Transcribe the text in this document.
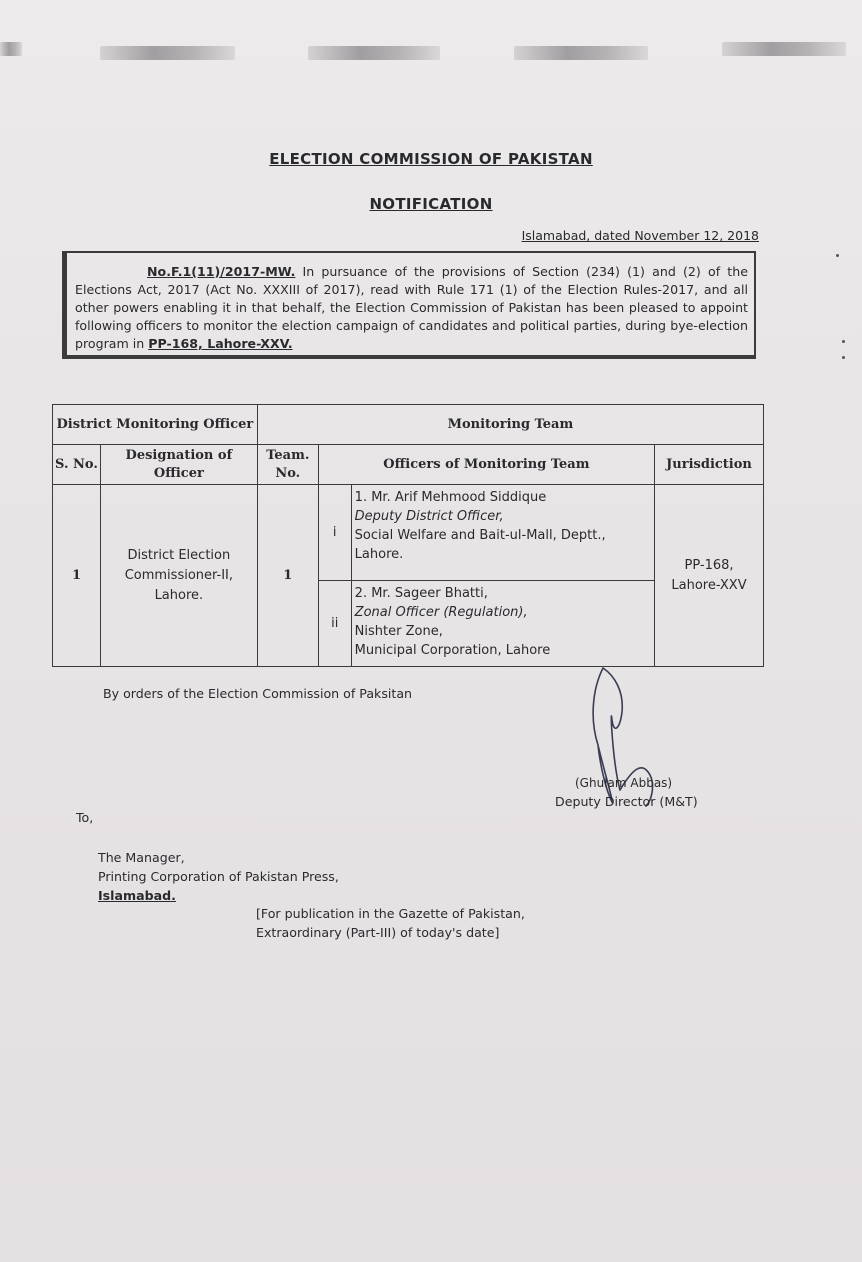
ELECTION COMMISSION OF PAKISTAN
NOTIFICATION
Islamabad, dated November 12, 2018
No.F.1(11)/2017-MW. In pursuance of the provisions of Section (234) (1) and (2) of the Elections Act, 2017 (Act No. XXXIII of 2017), read with Rule 171 (1) of the Election Rules-2017, and all other powers enabling it in that behalf, the Election Commission of Pakistan has been pleased to appoint following officers to monitor the election campaign of candidates and political parties, during bye-election program in PP-168, Lahore-XXV.
District Monitoring Officer		Monitoring Team			
S. No.	Designation of Officer	Team. No.	Officers of Monitoring Team		Jurisdiction
1	District Election Commissioner-II, Lahore.	1	i	1. Mr. Arif Mehmood Siddique
Deputy District Officer,
Social Welfare and Bait-ul-Mall, Deptt.,
Lahore.	PP-168, Lahore-XXV
			ii	2. Mr. Sageer Bhatti,
Zonal Officer (Regulation),
Nishter Zone,
Municipal Corporation, Lahore	
By orders of the Election Commission of Paksitan
(Ghulam Abbas)
Deputy Director (M&T)
To,
The Manager,
Printing Corporation of Pakistan Press,
Islamabad.
[For publication in the Gazette of Pakistan,
Extraordinary (Part-III) of today's date]
